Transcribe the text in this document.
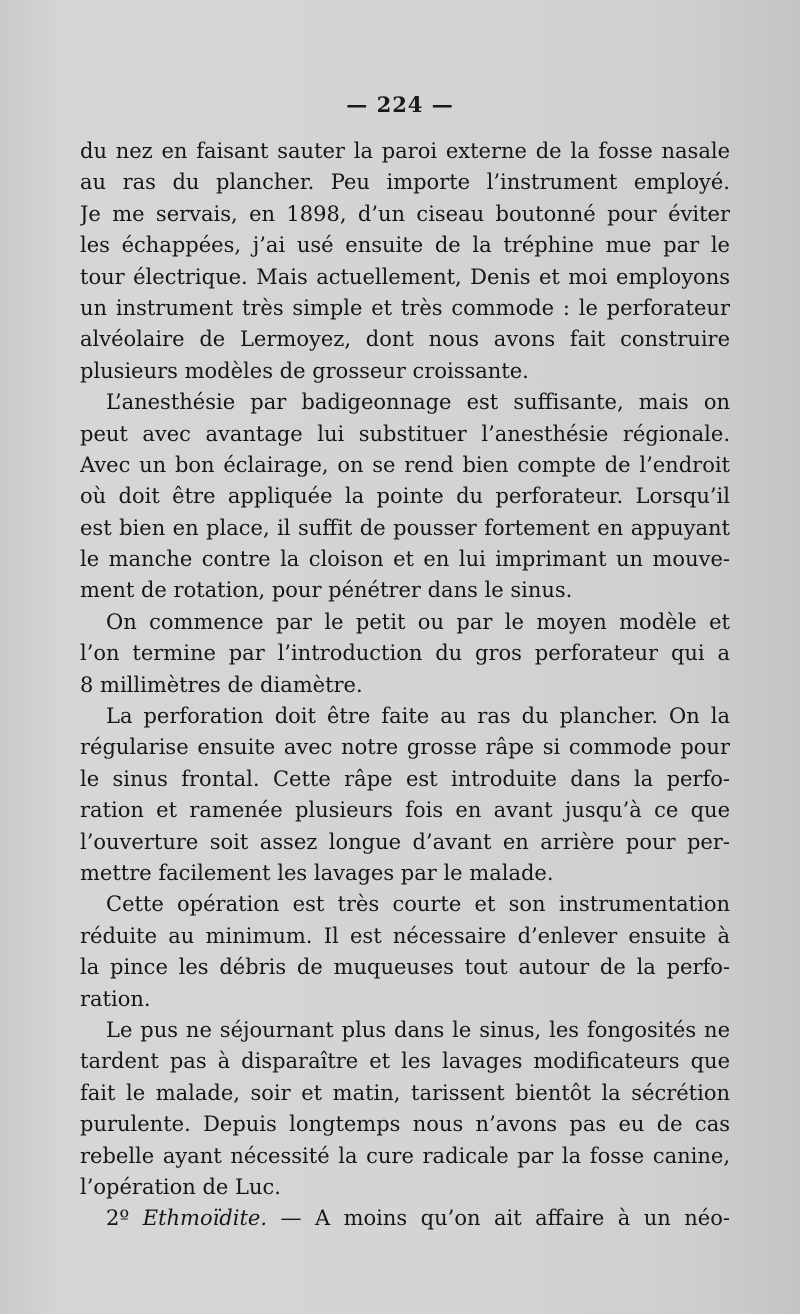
— 224 —
du nez en faisant sauter la paroi externe de la fosse nasale
au ras du plancher. Peu importe l’instrument employé.
Je me servais, en 1898, d’un ciseau boutonné pour éviter
les échappées, j’ai usé ensuite de la tréphine mue par le
tour électrique. Mais actuellement, Denis et moi employons
un instrument très simple et très commode : le perforateur
alvéolaire de Lermoyez, dont nous avons fait construire
plusieurs modèles de grosseur croissante.
L’anesthésie par badigeonnage est suffisante, mais on
peut avec avantage lui substituer l’anesthésie régionale.
Avec un bon éclairage, on se rend bien compte de l’endroit
où doit être appliquée la pointe du perforateur. Lorsqu’il
est bien en place, il suffit de pousser fortement en appuyant
le manche contre la cloison et en lui imprimant un mouve-
ment de rotation, pour pénétrer dans le sinus.
On commence par le petit ou par le moyen modèle et
l’on termine par l’introduction du gros perforateur qui a
8 millimètres de diamètre.
La perforation doit être faite au ras du plancher. On la
régularise ensuite avec notre grosse râpe si commode pour
le sinus frontal. Cette râpe est introduite dans la perfo-
ration et ramenée plusieurs fois en avant jusqu’à ce que
l’ouverture soit assez longue d’avant en arrière pour per-
mettre facilement les lavages par le malade.
Cette opération est très courte et son instrumentation
réduite au minimum. Il est nécessaire d’enlever ensuite à
la pince les débris de muqueuses tout autour de la perfo-
ration.
Le pus ne séjournant plus dans le sinus, les fongosités ne
tardent pas à disparaître et les lavages modificateurs que
fait le malade, soir et matin, tarissent bientôt la sécrétion
purulente. Depuis longtemps nous n’avons pas eu de cas
rebelle ayant nécessité la cure radicale par la fosse canine,
l’opération de Luc.
2º Ethmoïdite. — A moins qu’on ait affaire à un néo-
